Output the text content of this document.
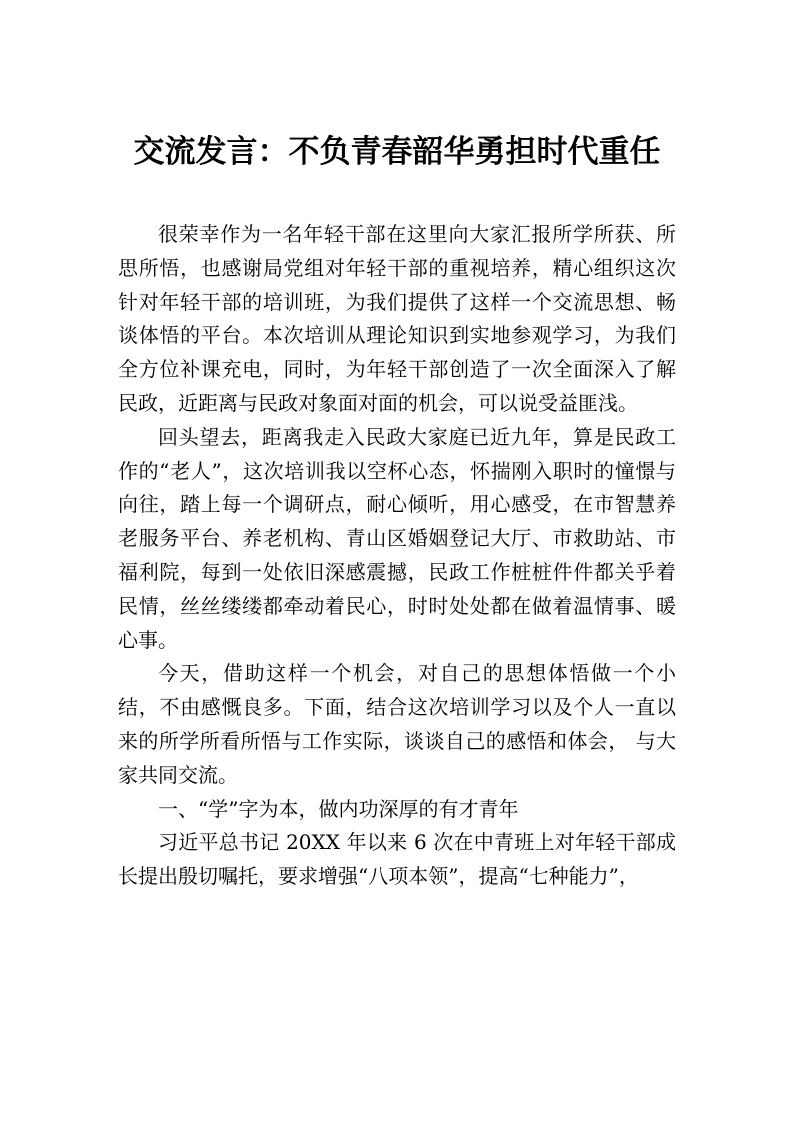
交流发言：不负青春韶华勇担时代重任

很荣幸作为一名年轻干部在这里向大家汇报所学所获、所思所悟，也感谢局党组对年轻干部的重视培养，精心组织这次针对年轻干部的培训班，为我们提供了这样一个交流思想、畅谈体悟的平台。本次培训从理论知识到实地参观学习，为我们全方位补课充电，同时，为年轻干部创造了一次全面深入了解民政，近距离与民政对象面对面的机会，可以说受益匪浅。

回头望去，距离我走入民政大家庭已近九年，算是民政工作的“老人”，这次培训我以空杯心态，怀揣刚入职时的憧憬与向往，踏上每一个调研点，耐心倾听，用心感受，在市智慧养老服务平台、养老机构、青山区婚姻登记大厅、市救助站、市福利院，每到一处依旧深感震撼，民政工作桩桩件件都关乎着民情，丝丝缕缕都牵动着民心，时时处处都在做着温情事、暖心事。

今天，借助这样一个机会，对自己的思想体悟做一个小结，不由感慨良多。下面，结合这次培训学习以及个人一直以来的所学所看所悟与工作实际，谈谈自己的感悟和体会， 与大家共同交流。

一、“学”字为本，做内功深厚的有才青年

习近平总书记 20XX 年以来 6 次在中青班上对年轻干部成长提出殷切嘱托，要求增强“八项本领”，提高“七种能力”，
